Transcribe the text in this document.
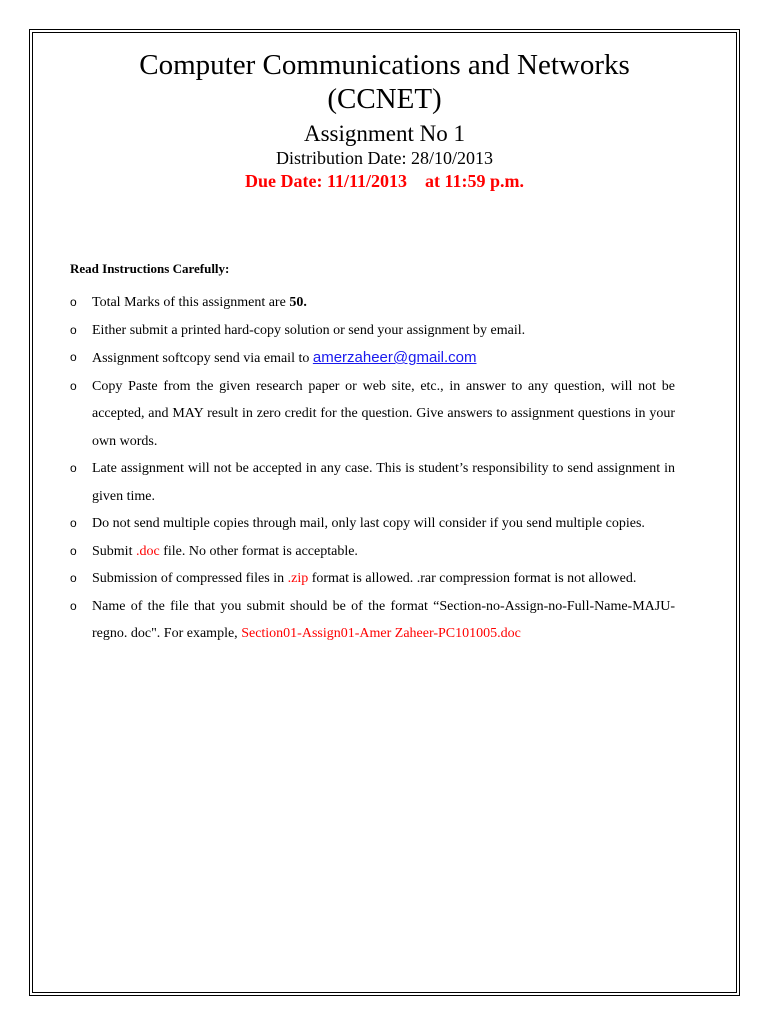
Computer Communications and Networks
(CCNET)
Assignment No 1
Distribution Date: 28/10/2013
Due Date: 11/11/2013 at 11:59 p.m.
Read Instructions Carefully:
o Total Marks of this assignment are 50.
o Either submit a printed hard-copy solution or send your assignment by email.
o Assignment softcopy send via email to amerzaheer@gmail.com
o Copy Paste from the given research paper or web site, etc., in answer to any question, will not be accepted, and MAY result in zero credit for the question. Give answers to assignment questions in your own words.
o Late assignment will not be accepted in any case. This is student’s responsibility to send assignment in given time.
o Do not send multiple copies through mail, only last copy will consider if you send multiple copies.
o Submit .doc file. No other format is acceptable.
o Submission of compressed files in .zip format is allowed. .rar compression format is not allowed.
o Name of the file that you submit should be of the format “Section-no-Assign-no-Full-Name-MAJU-regno. doc". For example, Section01-Assign01-Amer Zaheer-PC101005.doc
